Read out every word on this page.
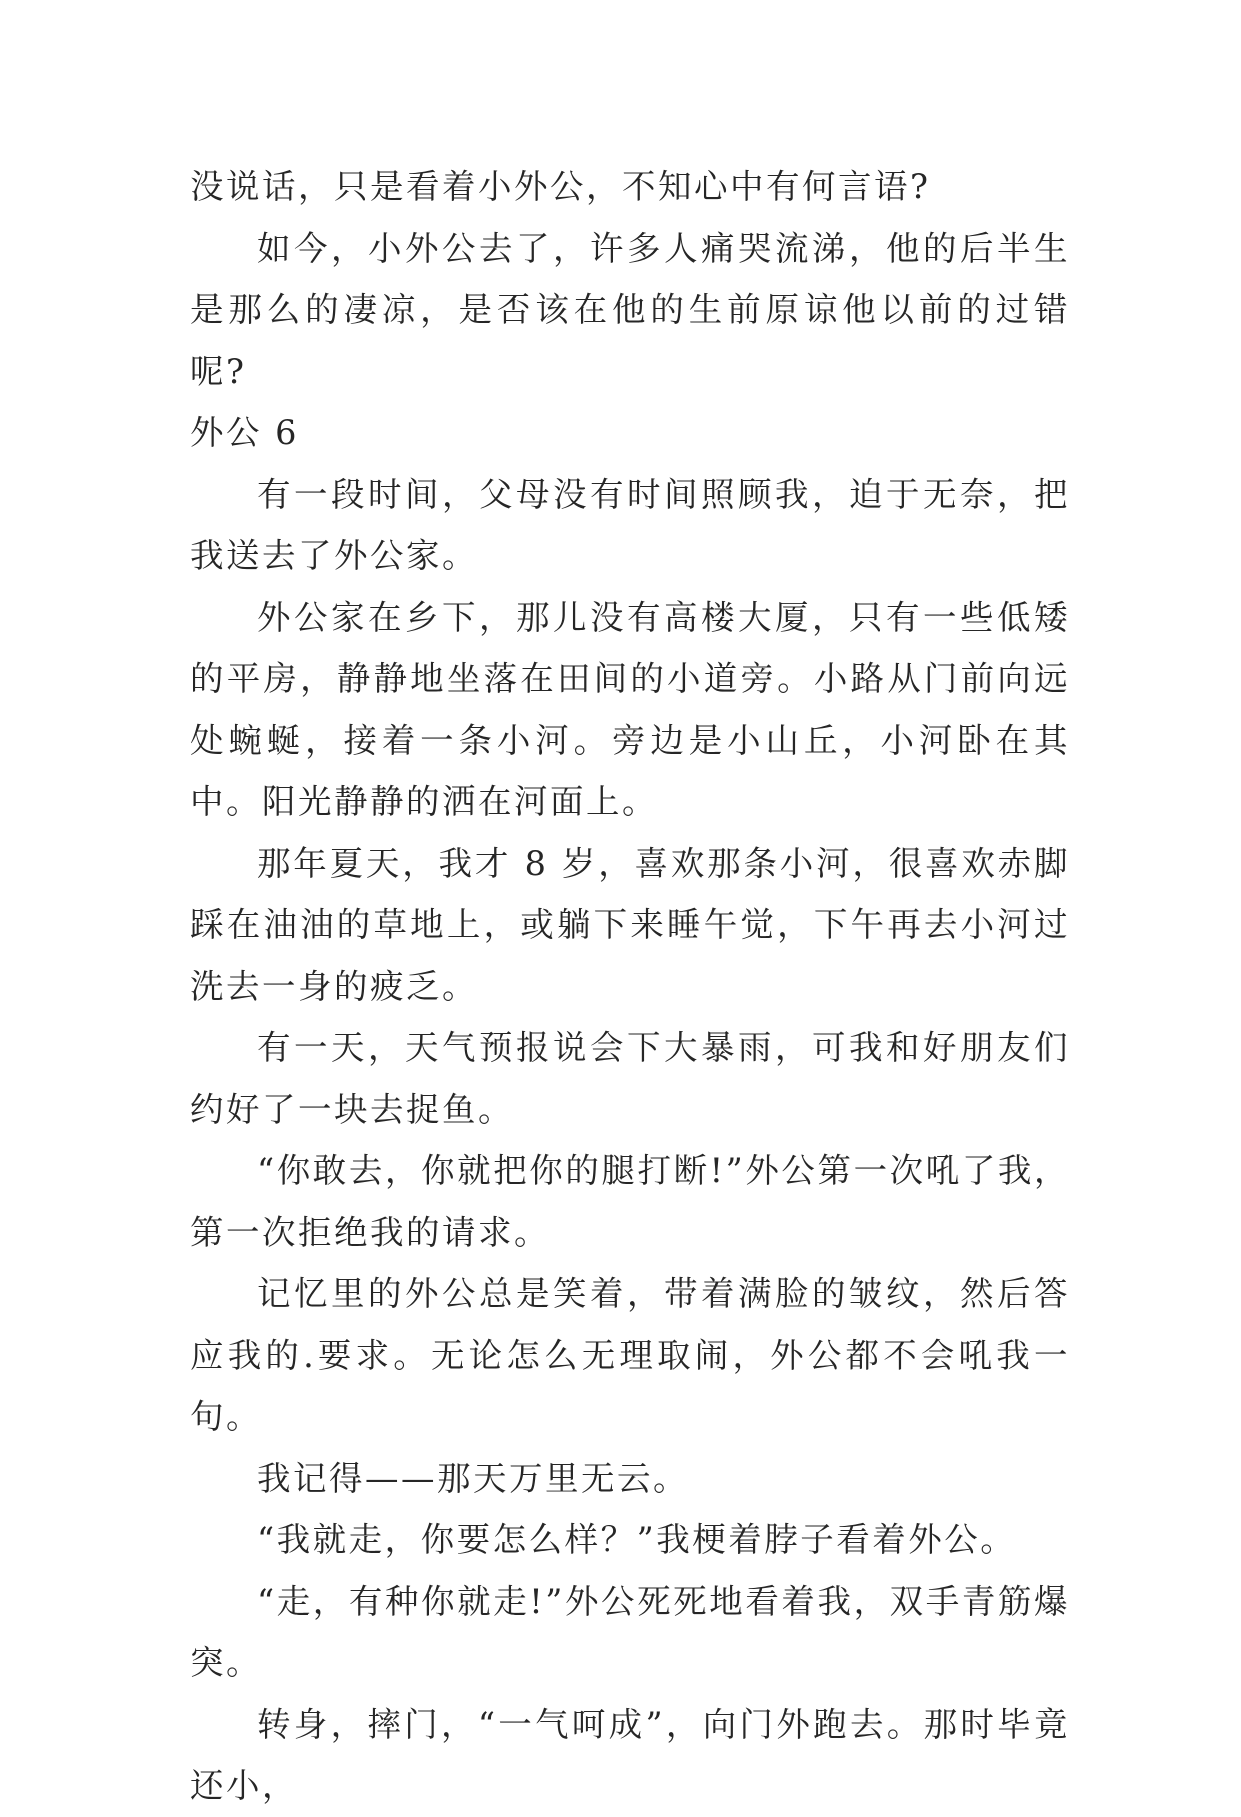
没说话，只是看着小外公，不知心中有何言语?

如今，小外公去了，许多人痛哭流涕，他的后半生是那么的凄凉，是否该在他的生前原谅他以前的过错呢?

外公 6

有一段时间，父母没有时间照顾我，迫于无奈，把我送去了外公家。

外公家在乡下，那儿没有高楼大厦，只有一些低矮的平房，静静地坐落在田间的小道旁。小路从门前向远处蜿蜒，接着一条小河。旁边是小山丘，小河卧在其中。阳光静静的洒在河面上。

那年夏天，我才 8 岁，喜欢那条小河，很喜欢赤脚踩在油油的草地上，或躺下来睡午觉，下午再去小河过洗去一身的疲乏。

有一天，天气预报说会下大暴雨，可我和好朋友们约好了一块去捉鱼。

“你敢去，你就把你的腿打断!”外公第一次吼了我，第一次拒绝我的请求。

记忆里的外公总是笑着，带着满脸的皱纹，然后答应我的.要求。无论怎么无理取闹，外公都不会吼我一句。

我记得——那天万里无云。

“我就走，你要怎么样？”我梗着脖子看着外公。

“走，有种你就走!”外公死死地看着我，双手青筋爆突。

转身，摔门，“一气呵成”，向门外跑去。那时毕竟还小，
